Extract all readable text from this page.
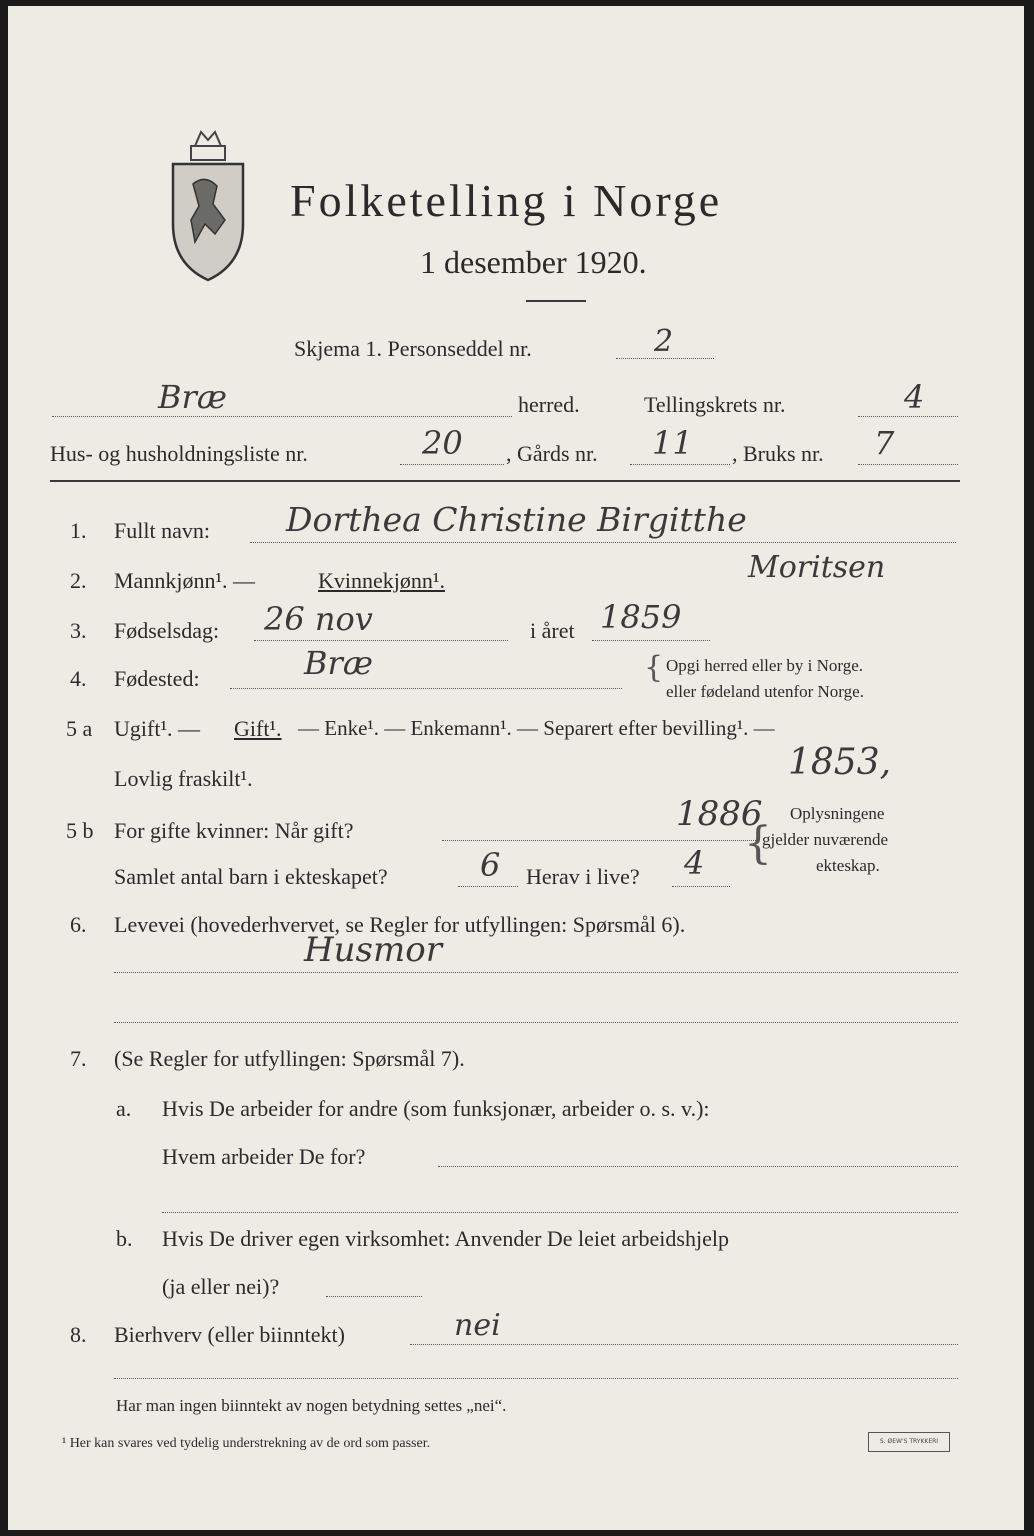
Folketelling i Norge
1 desember 1920.
Skjema 1. Personseddel nr.	2
Bræ	herred.	Tellingskrets nr.	4
Hus- og husholdningsliste nr.	20 , Gårds nr. 11 , Bruks nr. 7
1. Fullt navn: Dorthea Christine Birgitthe
Moritsen
2. Mannkjønn¹. —	Kvinnekjønn¹.
3. Fødselsdag: 26 nov	i året 1859
4. Fødested:	Bræ	{ Opgi herred eller by i Norge.
eller fødeland utenfor Norge.
5 a Ugift¹. — Gift¹. — Enke¹. — Enkemann¹. — Separert efter bevilling¹. —
Lovlig fraskilt¹.	1853,
5 b For gifte kvinner: Når gift?	1886
Samlet antal barn i ekteskapet?	6 Herav i live? 4 {
Oplysningene
gjelder nuværende
ekteskap.
6. Levevei (hovederhvervet, se Regler for utfyllingen: Spørsmål 6).
Husmor
7. (Se Regler for utfyllingen: Spørsmål 7).
a. Hvis De arbeider for andre (som funksjonær, arbeider o. s. v.):
Hvem arbeider De for?
b. Hvis De driver egen virksomhet: Anvender De leiet arbeidshjelp
(ja eller nei)?
8. Bierhverv (eller biinntekt)	nei
Har man ingen biinntekt av nogen betydning settes „nei“.
¹ Her kan svares ved tydelig understrekning av de ord som passer.	S. ØEW'S TRYKKERI
